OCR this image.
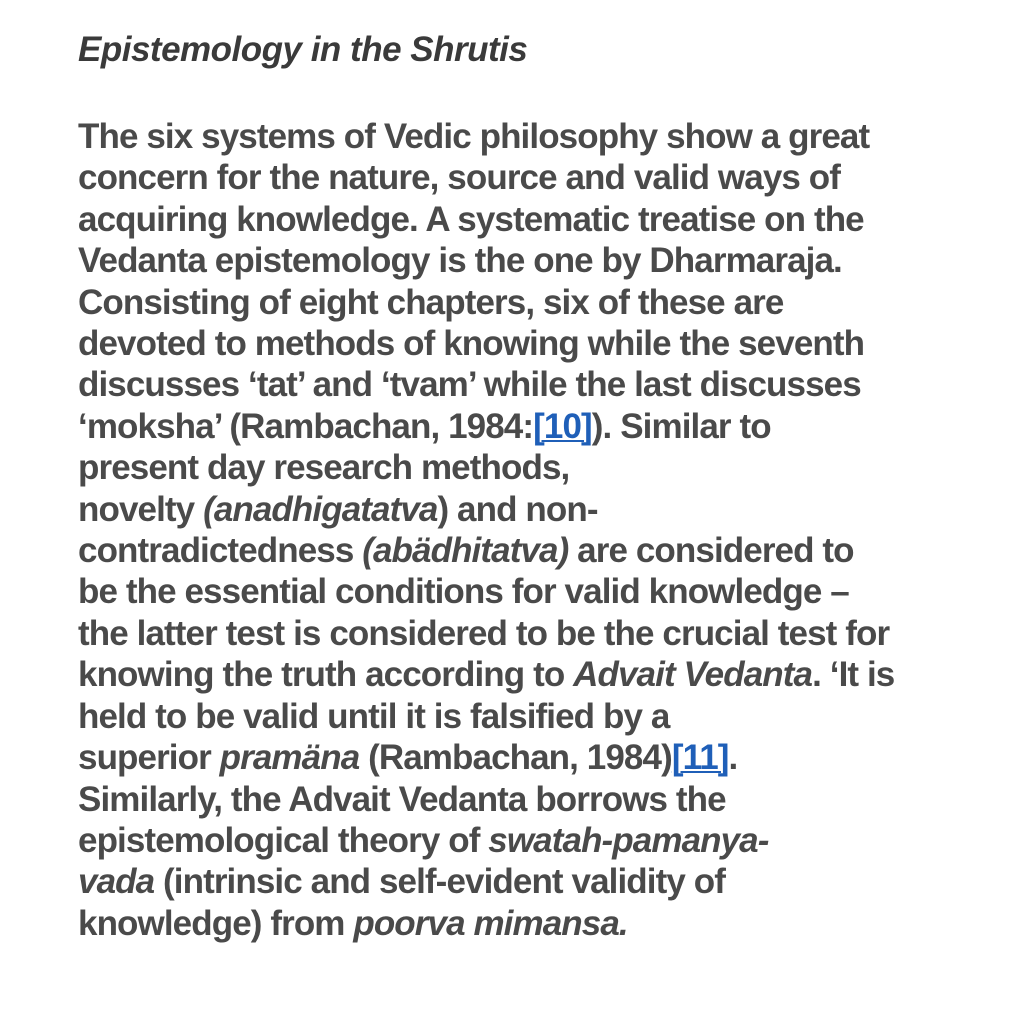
Epistemology in the Shrutis
The six systems of Vedic philosophy show a great
concern for the nature, source and valid ways of
acquiring knowledge. A systematic treatise on the
Vedanta epistemology is the one by Dharmaraja.
Consisting of eight chapters, six of these are
devoted to methods of knowing while the seventh
discusses ‘tat’ and ‘tvam’ while the last discusses
‘moksha’ (Rambachan, 1984:[10]). Similar to
present day research methods,
novelty (anadhigatatva) and non-
contradictedness (abädhitatva) are considered to
be the essential conditions for valid knowledge –
the latter test is considered to be the crucial test for
knowing the truth according to Advait Vedanta. ‘It is
held to be valid until it is falsified by a
superior pramäna (Rambachan, 1984)[11].
Similarly, the Advait Vedanta borrows the
epistemological theory of swatah-pamanya-
vada (intrinsic and self-evident validity of
knowledge) from poorva mimansa.
